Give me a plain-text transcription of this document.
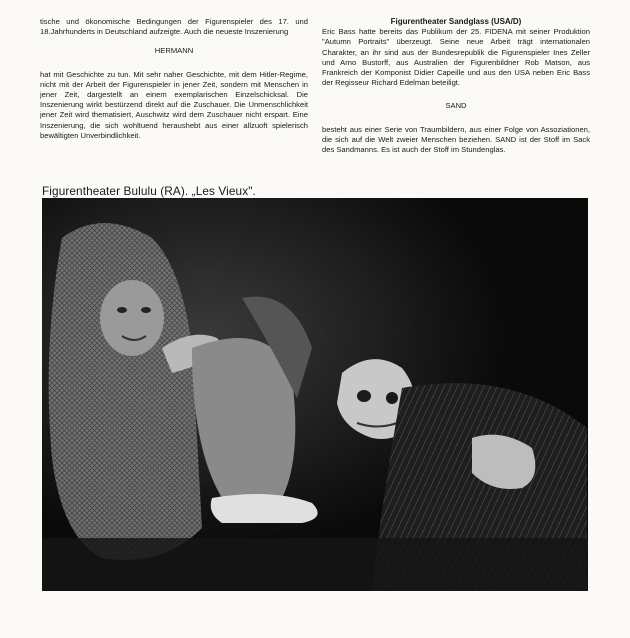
tische und ökonomische Bedingungen der Figurenspieler des 17. und 18.Jahrhunderts in Deutschland aufzeigte. Auch die neueste Inszenierung

HERMANN

hat mit Geschichte zu tun. Mit sehr naher Geschichte, mit dem Hitler-Regime, nicht mit der Arbeit der Figurenspieler in jener Zeit, sondern mit Menschen in jener Zeit, dargestellt an einem exemplarischen Einzelschicksal. Die Inszenierung wirkt bestürzend direkt auf die Zuschauer. Die Unmenschlichkeit jener Zeit wird thematisiert, Auschwitz wird dem Zuschauer nicht erspart. Eine Inszenierung, die sich wohltuend heraushebt aus einer allzuoft spielerisch bewältigten Unverbindlichkeit.

Figurentheater Sandglass (USA/D)

Eric Bass hatte bereits das Publikum der 25. FIDENA mit seiner Produktion "Autumn Portraits" überzeugt. Seine neue Arbeit trägt internationalen Charakter, an ihr sind aus der Bundesrepublik die Figurenspieler Ines Zeller und Arno Bustorff, aus Australien der Figurenbildner Rob Matson, aus Frankreich der Komponist Didier Capeille und aus den USA neben Eric Bass der Regisseur Richard Edelman beteiligt.

SAND

besteht aus einer Serie von Traumbildern, aus einer Folge von Assoziationen, die sich auf die Welt zweier Menschen beziehen. SAND ist der Stoff im Sack des Sandmanns. Es ist auch der Stoff im Stundenglas.

Figurentheater Bululu (RA). „Les Vieux".
